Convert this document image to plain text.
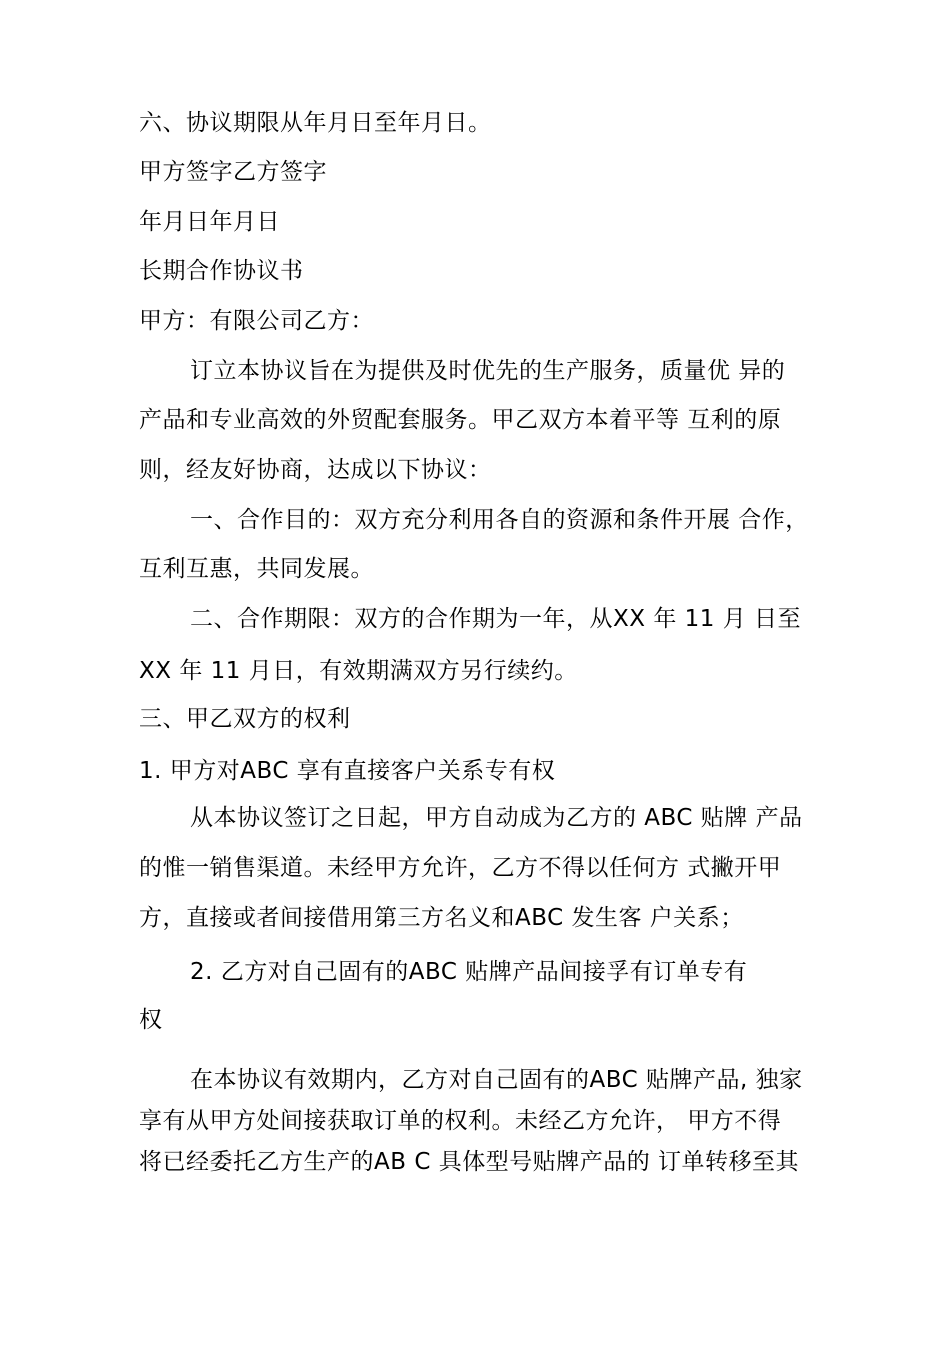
六、协议期限从年月日至年月日。
甲方签字乙方签字
年月日年月日
长期合作协议书
甲方：有限公司乙方：
订立本协议旨在为提供及时优先的生产服务，质量优 异的
产品和专业高效的外贸配套服务。甲乙双方本着平等 互利的原
则，经友好协商，达成以下协议：
一、合作目的：双方充分利用各自的资源和条件开展 合作，
互利互惠，共同发展。
二、合作期限：双方的合作期为一年，从XX 年 11 月 日至
XX 年 11 月日，有效期满双方另行续约。
三、甲乙双方的权利
1. 甲方对ABC 享有直接客户关系专有权
从本协议签订之日起，甲方自动成为乙方的 ABC 贴牌 产品
的惟一销售渠道。未经甲方允许，乙方不得以任何方 式撇开甲
方，直接或者间接借用第三方名义和ABC 发生客 户关系；
2. 乙方对自己固有的ABC 贴牌产品间接孚有订单专有
权
在本协议有效期内，乙方对自己固有的ABC 贴牌产品, 独家
享有从甲方处间接获取订单的权利。未经乙方允许， 甲方不得
将已经委托乙方生产的AB C 具体型号贴牌产品的 订单转移至其
